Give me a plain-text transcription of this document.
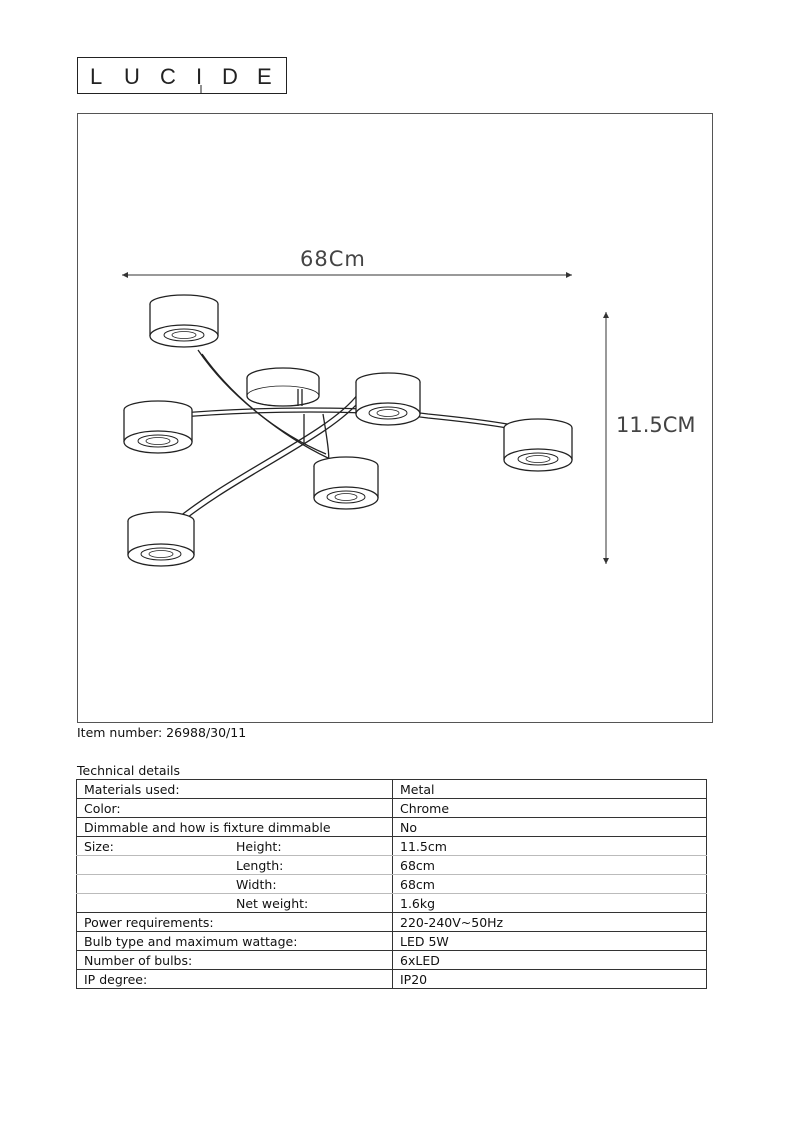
L U C I D E
68Cm
11.5CM
Item number: 26988/30/11
Technical details
Materials used:	Metal
Color:	Chrome
Dimmable and how is fixture dimmable	No
Size: Height:	11.5cm
Length:	68cm
Width:	68cm
Net weight:	1.6kg
Power requirements:	220-240V~50Hz
Bulb type and maximum wattage:	LED 5W
Number of bulbs:	6xLED
IP degree:	IP20
